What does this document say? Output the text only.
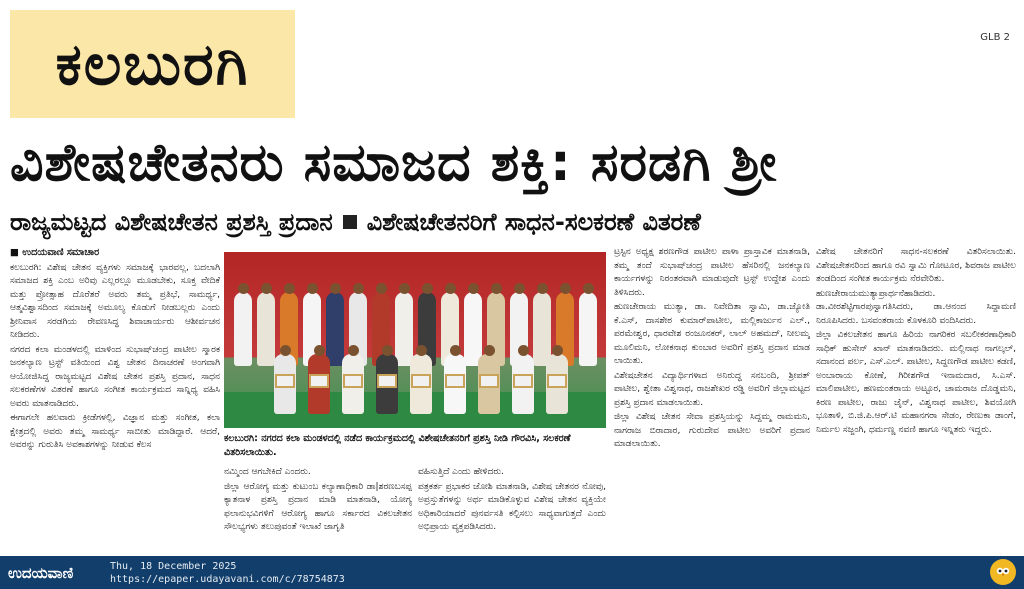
ಕಲಬುರಗಿ	GLB 2
ವಿಶೇಷಚೇತನರು ಸಮಾಜದ ಶಕ್ತಿ: ಸರಡಗಿ ಶ್ರೀ
ರಾಜ್ಯಮಟ್ಟದ ವಿಶೇಷಚೇತನ ಪ್ರಶಸ್ತಿ ಪ್ರದಾನ ವಿಶೇಷಚೇತನರಿಗೆ ಸಾಧನ-ಸಲಕರಣೆ ವಿತರಣೆ
■ ಉದಯವಾಣಿ ಸಮಾಚಾರ

ಕಲಬುರಗಿ: ವಿಶೇಷ ಚೇತನ ವ್ಯಕ್ತಿಗಳು ಸಮಾಜಕ್ಕೆ ಭಾರವಲ್ಲ, ಬದಲಾಗಿ ಸಮಾಜದ ಶಕ್ತಿ ಎಂಬ ಅರಿವು ಎಲ್ಲರಲ್ಲೂ ಮೂಡಬೇಕು, ಸೂಕ್ತ ವೇದಿಕೆ ಮತ್ತು ಪ್ರೋತ್ಸಾಹ ದೊರೆತರೆ ಅವರು ತಮ್ಮ ಪ್ರತಿಭೆ, ಸಾಮರ್ಥ್ಯ, ಆತ್ಮವಿಶ್ವಾಸದಿಂದ ಸಮಾಜಕ್ಕೆ ಅಮೂಲ್ಯ ಕೊಡುಗೆ ನೀಡಬಲ್ಲರು ಎಂದು ಶ್ರೀನಿವಾಸ ಸರಡಗಿಯ ರೇವಣಸಿದ್ಧ ಶಿವಾಚಾರ್ಯರು ಆಶೀರ್ವಚನ ನೀಡಿದರು.

ನಗರದ ಕಲಾ ಮಂಡಳದಲ್ಲಿ ಮಾಳಿಂದ ಸುಭಾಷ್‌ಚಂದ್ರ ಪಾಟೀಲ ಸ್ಮಾರಕ ಜನಕಲ್ಯಾಣ ಟ್ರಸ್ಟ್ ವತಿಯಿಂದ ವಿಶ್ವ ಚೇತನ ದಿನಾಚರಣೆ ಅಂಗವಾಗಿ ಆಯೋಜಿಸಿದ್ದ ರಾಜ್ಯಮಟ್ಟದ ವಿಶೇಷ ಚೇತನ ಪ್ರಶಸ್ತಿ ಪ್ರದಾನ, ಸಾಧನ ಸಲಕರಣೆಗಳ ವಿತರಣೆ ಹಾಗೂ ಸಂಗೀತ ಕಾರ್ಯಕ್ರಮದ ಸಾನ್ನಿಧ್ಯ ವಹಿಸಿ ಅವರು ಮಾತನಾಡಿದರು.

ಈಗಾಗಲೇ ಹಲವಾರು ಕ್ರೀಡೆಗಳಲ್ಲಿ, ವಿಜ್ಞಾನ ಮತ್ತು ಸಂಗೀತ, ಕಲಾ ಕ್ಷೇತ್ರದಲ್ಲಿ ಅವರು ತಮ್ಮ ಸಾಮರ್ಥ್ಯ ಸಾಬೀತು ಮಾಡಿದ್ದಾರೆ. ಆದರೆ, ಅವರನ್ನು ಗುರುತಿಸಿ ಅವಕಾಶಗಳನ್ನು ನೀಡುವ ಕೆಲಸ

ಕಲಬುರಗಿ: ನಗರದ ಕಲಾ ಮಂಡಳದಲ್ಲಿ ನಡೆದ ಕಾರ್ಯಕ್ರಮದಲ್ಲಿ ವಿಶೇಷಚೇತನರಿಗೆ ಪ್ರಶಸ್ತಿ ನೀಡಿ ಗೌರವಿಸಿ, ಸಲಕರಣೆ ವಿತರಿಸಲಾಯಿತು.

ನಮ್ಮಿಂದ ಆಗಬೇಕಿದೆ ಎಂದರು.

ಜಿಲ್ಲಾ ಆರೋಗ್ಯ ಮತ್ತು ಕುಟುಂಬ ಕಲ್ಯಾಣಾಧಿಕಾರಿ ಡಾ|ಶರಣಬಸಪ್ಪ ಕ್ಯಾತನಾಳ ಪ್ರಶಸ್ತಿ ಪ್ರದಾನ ಮಾಡಿ ಮಾತನಾಡಿ, ಯೋಗ್ಯ ಫಲಾನುಭವಿಗಳಿಗೆ ಆರೋಗ್ಯ ಹಾಗೂ ಸರ್ಕಾರದ ವಿಕಲಚೇತನ ಸೌಲಭ್ಯಗಳು ತಲುಪುವಂತೆ ಇಲಾಖೆ ಜಾಗೃತಿ

ವಹಿಸುತ್ತಿದೆ ಎಂದು ಹೇಳಿದರು.

ಪತ್ರಕರ್ತ ಪ್ರಭಾಕರ ಜೋಶಿ ಮಾತನಾಡಿ, ವಿಶೇಷ ಚೇತನರ ನೋವು, ಅಪ್ರಸ್ತುತೆಗಳನ್ನು ಅರ್ಥ ಮಾಡಿಕೊಳ್ಳುವ ವಿಶೇಷ ಚೇತನ ವ್ಯಕ್ತಿಯೇ ಅಧಿಕಾರಿಯಾದರೆ ಪುನರ್ವಸತಿ ಕಲ್ಪಿಸಲು ಸಾಧ್ಯವಾಗುತ್ತದೆ ಎಂದು ಅಭಿಪ್ರಾಯ ವ್ಯಕ್ತಪಡಿಸಿದರು.

ಟ್ರಸ್ಟಿನ ಅಧ್ಯಕ್ಷ ಶರಣಗೌಡ ಪಾಟೀಲ ಪಾಳಾ ಪ್ರಾಸ್ತಾವಿಕ ಮಾತನಾಡಿ, ತಮ್ಮ ತಂದೆ ಸುಭಾಷ್‌ಚಂದ್ರ ಪಾಟೀಲ ಹೆಸರಿನಲ್ಲಿ ಜನಕಲ್ಯಾಣ ಕಾರ್ಯಗಳನ್ನು ನಿರಂತರವಾಗಿ ಮಾಡುವುದೇ ಟ್ರಸ್ಟ್ ಉದ್ದೇಶ ಎಂದು ತಿಳಿಸಿದರು.

ಹುಣಚೇರಾಯ ಮುತ್ಯಾ, ಡಾ. ನಿವೇದಿತಾ ಸ್ವಾಮಿ, ಡಾ.ಜ್ಯೋತಿ ಕೆ.ಎಸ್, ದಾಸಶೇಠ ಕುಮಾರ್‌ಪಾಟೀಲ, ಮಲ್ಲಿಕಾರ್ಜುನ ಎಲ್., ಪರಮೇಶ್ವರ, ಧಾರವೇಶ ರಂಜೂನಕರ್, ಲಾಲ್ ಅಹಮದ್, ನೀಲಮ್ಮ ಮೂಲಿಮನಿ, ಲೋಕನಾಥ ಕುಂಬಾರ ಅವರಿಗೆ ಪ್ರಶಸ್ತಿ ಪ್ರದಾನ ಮಾಡ ಲಾಯಿತು.

ವಿಶೇಷಚೇತನ ವಿದ್ಯಾರ್ಥಿಗಳಾದ ಅನಿರುದ್ಧ ಸನಬಂದಿ, ಶ್ರೀಪತ್ ಪಾಟೀಲ, ಶ್ವೇತಾ ವಿಶ್ವನಾಥ, ರಾಜಶೇಖರ ರಡ್ಡಿ ಅವರಿಗೆ ಜಿಲ್ಲಾಮಟ್ಟದ ಪ್ರಶಸ್ತಿ ಪ್ರದಾನ ಮಾಡಲಾಯಿತು.

ಜಿಲ್ಲಾ ವಿಶೇಷ ಚೇತನ ಸೇವಾ ಪ್ರಶಸ್ತಿಯನ್ನು ಸಿದ್ದಮ್ಮ ರಾಮಮನಿ, ನಾಗರಾಜ ಬಿರಾದಾರ, ಗುರುದೇವ ಪಾಟೀಲ ಅವರಿಗೆ ಪ್ರದಾನ ಮಾಡಲಾಯಿತು.

ವಿಶೇಷ ಚೇತನರಿಗೆ ಸಾಧನ-ಸಲಕರಣೆ ವಿತರಿಸಲಾಯಿತು. ವಿಶೇಷಚೇತನರಿಂದ ಹಾಗೂ ರವಿ ಸ್ವಾಮಿ ಗೋಟೂರ, ಶಿವರಾಜ ಪಾಟೀಲ ತಂಡದಿಂದ ಸಂಗೀತ ಕಾರ್ಯಕ್ರಮ ನೆರವೇರಿತು.

ಹುಣಚೇರಾಯಮುತ್ಯಾಪ್ರಾರ್ಥನೆಹಾಡಿದರು. ಡಾ.ವೀರಶೆಟ್ಟಿಗಾರಪುಸ್ವಾಗತಿಸಿದರು, ಡಾ.ಆನಂದ ಸಿದ್ದಾಮಣಿ ನಿರೂಪಿಸಿದರು. ಬಸವಂತರಾಯ ಕೊಳಕೂರಿ ವಂದಿಸಿದರು.

ಜಿಲ್ಲಾ ವಿಕಲಚೇತನ ಹಾಗೂ ಹಿರಿಯ ನಾಗರಿಕರ ಸಬಲೀಕರಣಾಧಿಕಾರಿ ಸಾಧಿಕ್ ಹುಸೇನ್ ಖಾನ್ ಮಾತನಾಡಿದರು. ಮಲ್ಲಿನಾಥ ನಾಗಲ್ಕಲ್, ಸದಾನಂದ ಪರ್ಲ, ಎಸ್.ಎಲ್. ಪಾಟೀಲ, ಸಿದ್ದಣಗೌಡ ಪಾಟೀಲ ಕಡಣಿ, ಅಂಬಾರಾಯ ಕೋಣೆ, ಗಿರೀಶಗೌಡ ಇನಾಮದಾರ, ಸಿ.ಎಸ್. ಮಾಲಿಪಾಟೀಲ, ಹಣಮಂತರಾಯ ಅಟ್ಟೂರ, ಚಾಮರಾಜ ದೊಡ್ಡಮನಿ, ಕಿರಣ ಪಾಟೀಲ, ರಾಜು ಜೈನ್, ವಿಶ್ವನಾಥ ಪಾಟೀಲ, ಶಿವಯೋಗಿ ಭೂತಾಳಿ, ಬಿ.ಜಿ.ಪಿ.ಆರ್.ಟಿ ಮಹಾನಗರಾ ಸೇಡಂ, ರೇಣುಕಾ ಡಾಂಗೆ, ನಿರ್ಮಲ ಸಜ್ಜಂಗಿ, ಧರ್ಮಣ್ಣ ನವಣಿ ಹಾಗೂ ಇನ್ನಿತರು ಇದ್ದರು.

ಉದಯವಾಣಿ	Thu, 18 December 2025
https://epaper.udayavani.com/c/78754873
